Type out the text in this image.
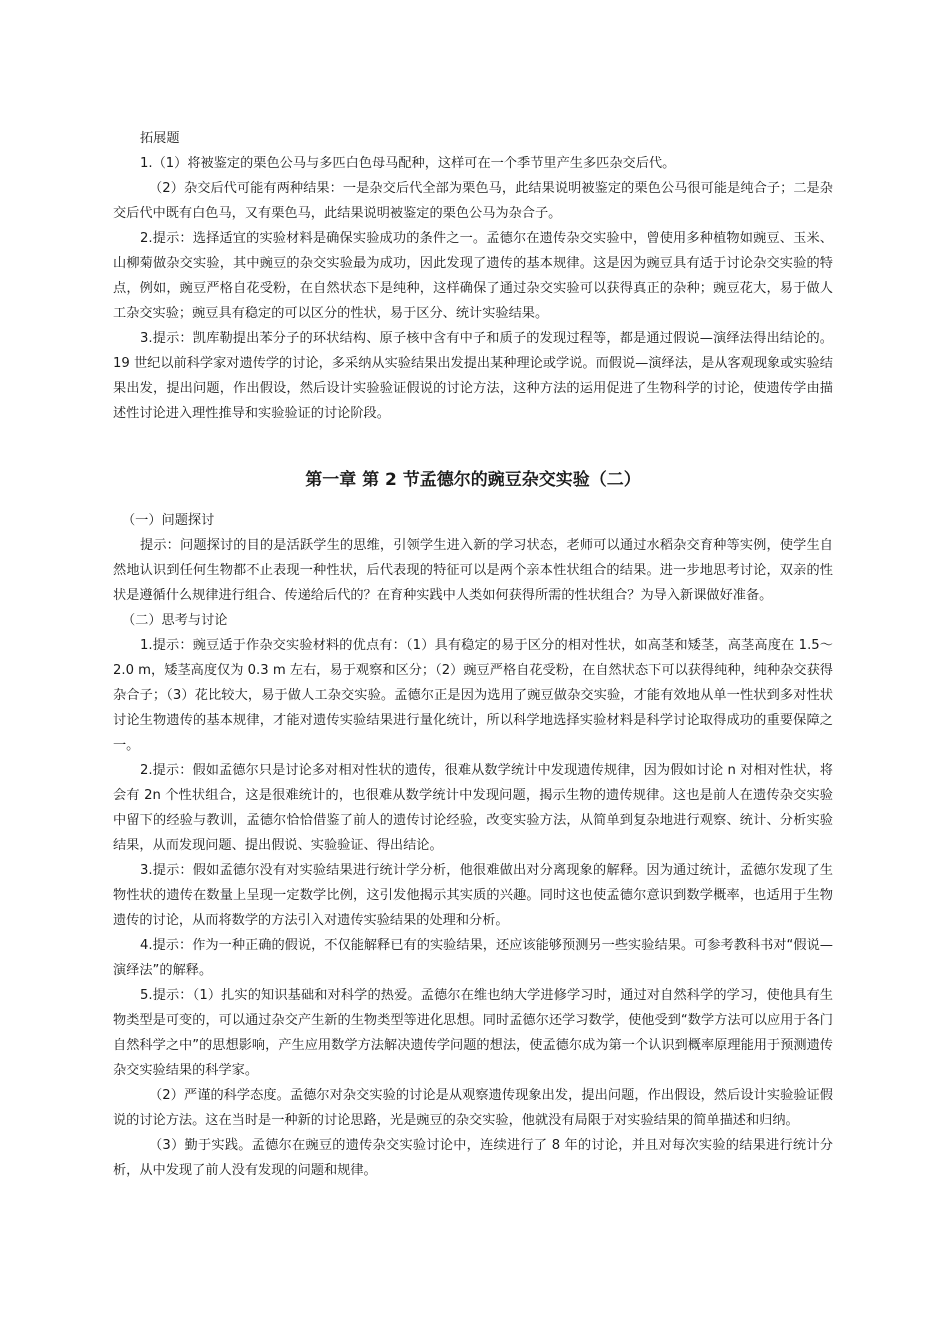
拓展题

1.（1）将被鉴定的栗色公马与多匹白色母马配种，这样可在一个季节里产生多匹杂交后代。

（2）杂交后代可能有两种结果：一是杂交后代全部为栗色马，此结果说明被鉴定的栗色公马很可能是纯合子；二是杂交后代中既有白色马，又有栗色马，此结果说明被鉴定的栗色公马为杂合子。

2.提示：选择适宜的实验材料是确保实验成功的条件之一。孟德尔在遗传杂交实验中，曾使用多种植物如豌豆、玉米、山柳菊做杂交实验，其中豌豆的杂交实验最为成功，因此发现了遗传的基本规律。这是因为豌豆具有适于讨论杂交实验的特点，例如，豌豆严格自花受粉，在自然状态下是纯种，这样确保了通过杂交实验可以获得真正的杂种；豌豆花大，易于做人工杂交实验；豌豆具有稳定的可以区分的性状，易于区分、统计实验结果。

3.提示：凯库勒提出苯分子的环状结构、原子核中含有中子和质子的发现过程等，都是通过假说—演绎法得出结论的。19 世纪以前科学家对遗传学的讨论，多采纳从实验结果出发提出某种理论或学说。而假说—演绎法，是从客观现象或实验结果出发，提出问题，作出假设，然后设计实验验证假说的讨论方法，这种方法的运用促进了生物科学的讨论，使遗传学由描述性讨论进入理性推导和实验验证的讨论阶段。

第一章 第 2 节孟德尔的豌豆杂交实验（二）

（一）问题探讨

提示：问题探讨的目的是活跃学生的思维，引领学生进入新的学习状态，老师可以通过水稻杂交育种等实例，使学生自然地认识到任何生物都不止表现一种性状，后代表现的特征可以是两个亲本性状组合的结果。进一步地思考讨论，双亲的性状是遵循什么规律进行组合、传递给后代的？在育种实践中人类如何获得所需的性状组合？为导入新课做好准备。

（二）思考与讨论

1.提示：豌豆适于作杂交实验材料的优点有：（1）具有稳定的易于区分的相对性状，如高茎和矮茎，高茎高度在 1.5～2.0 m，矮茎高度仅为 0.3 m 左右，易于观察和区分；（2）豌豆严格自花受粉，在自然状态下可以获得纯种，纯种杂交获得杂合子；（3）花比较大，易于做人工杂交实验。孟德尔正是因为选用了豌豆做杂交实验，才能有效地从单一性状到多对性状讨论生物遗传的基本规律，才能对遗传实验结果进行量化统计，所以科学地选择实验材料是科学讨论取得成功的重要保障之一。

2.提示：假如孟德尔只是讨论多对相对性状的遗传，很难从数学统计中发现遗传规律，因为假如讨论 n 对相对性状，将会有 2n 个性状组合，这是很难统计的，也很难从数学统计中发现问题，揭示生物的遗传规律。这也是前人在遗传杂交实验中留下的经验与教训，孟德尔恰恰借鉴了前人的遗传讨论经验，改变实验方法，从简单到复杂地进行观察、统计、分析实验结果，从而发现问题、提出假说、实验验证、得出结论。

3.提示：假如孟德尔没有对实验结果进行统计学分析，他很难做出对分离现象的解释。因为通过统计，孟德尔发现了生物性状的遗传在数量上呈现一定数学比例，这引发他揭示其实质的兴趣。同时这也使孟德尔意识到数学概率，也适用于生物遗传的讨论，从而将数学的方法引入对遗传实验结果的处理和分析。

4.提示：作为一种正确的假说，不仅能解释已有的实验结果，还应该能够预测另一些实验结果。可参考教科书对“假说—演绎法”的解释。

5.提示：（1）扎实的知识基础和对科学的热爱。孟德尔在维也纳大学进修学习时，通过对自然科学的学习，使他具有生物类型是可变的，可以通过杂交产生新的生物类型等进化思想。同时孟德尔还学习数学，使他受到“数学方法可以应用于各门自然科学之中”的思想影响，产生应用数学方法解决遗传学问题的想法，使孟德尔成为第一个认识到概率原理能用于预测遗传杂交实验结果的科学家。

（2）严谨的科学态度。孟德尔对杂交实验的讨论是从观察遗传现象出发，提出问题，作出假设，然后设计实验验证假说的讨论方法。这在当时是一种新的讨论思路，光是豌豆的杂交实验，他就没有局限于对实验结果的简单描述和归纳。

（3）勤于实践。孟德尔在豌豆的遗传杂交实验讨论中，连续进行了 8 年的讨论，并且对每次实验的结果进行统计分析，从中发现了前人没有发现的问题和规律。
